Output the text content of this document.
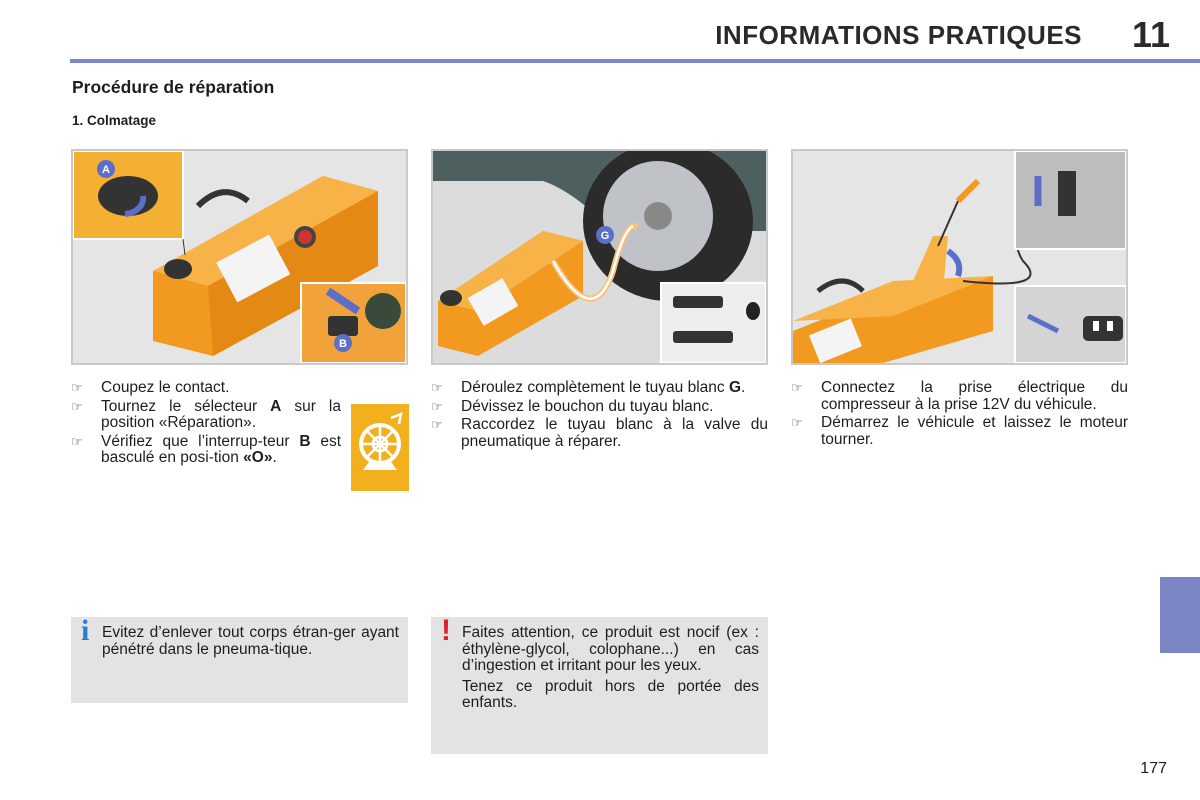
INFORMATIONS PRATIQUES 11
Procédure de réparation
1. Colmatage
A
B
G
☞ Coupez le contact.
☞ Tournez le sélecteur A sur la position «Réparation».
☞ Vérifiez que l’interrup-teur B est basculé en posi-tion «O».
☞ Déroulez complètement le tuyau blanc G.
☞ Dévissez le bouchon du tuyau blanc.
☞ Raccordez le tuyau blanc à la valve du pneumatique à réparer.
☞ Connectez la prise électrique du compresseur à la prise 12V du véhicule.
☞ Démarrez le véhicule et laissez le moteur tourner.
i Evitez d’enlever tout corps étran-ger ayant pénétré dans le pneuma-tique.

! Faites attention, ce produit est nocif (ex : éthylène-glycol, colophane...) en cas d’ingestion et irritant pour les yeux.

Tenez ce produit hors de portée des enfants.

177
